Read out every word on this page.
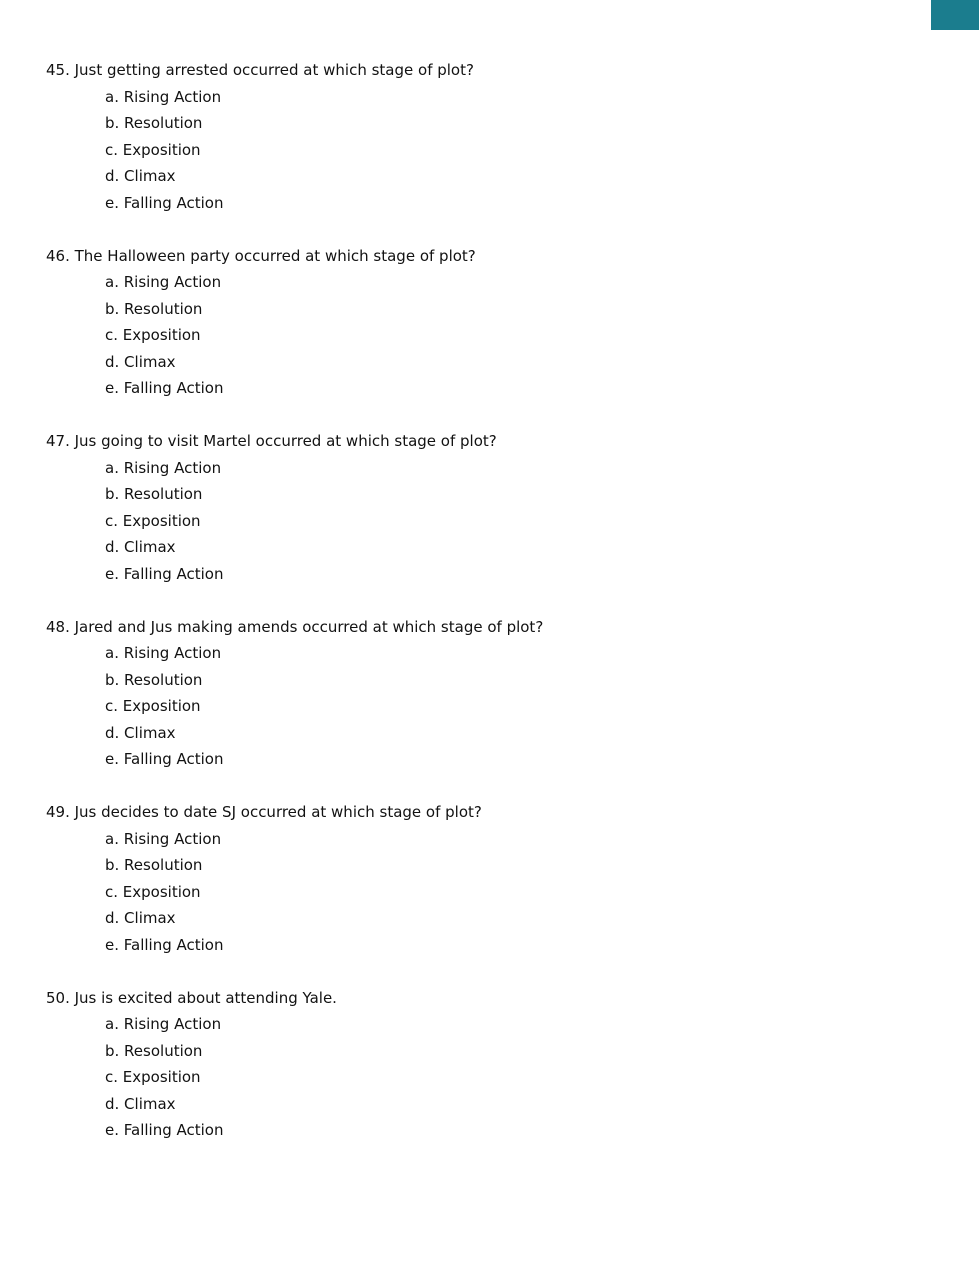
45. Just getting arrested occurred at which stage of plot?
a. Rising Action
b. Resolution
c. Exposition
d. Climax
e. Falling Action
46. The Halloween party occurred at which stage of plot?
a. Rising Action
b. Resolution
c. Exposition
d. Climax
e. Falling Action
47. Jus going to visit Martel occurred at which stage of plot?
a. Rising Action
b. Resolution
c. Exposition
d. Climax
e. Falling Action
48. Jared and Jus making amends occurred at which stage of plot?
a. Rising Action
b. Resolution
c. Exposition
d. Climax
e. Falling Action
49. Jus decides to date SJ occurred at which stage of plot?
a. Rising Action
b. Resolution
c. Exposition
d. Climax
e. Falling Action
50. Jus is excited about attending Yale.
a. Rising Action
b. Resolution
c. Exposition
d. Climax
e. Falling Action
